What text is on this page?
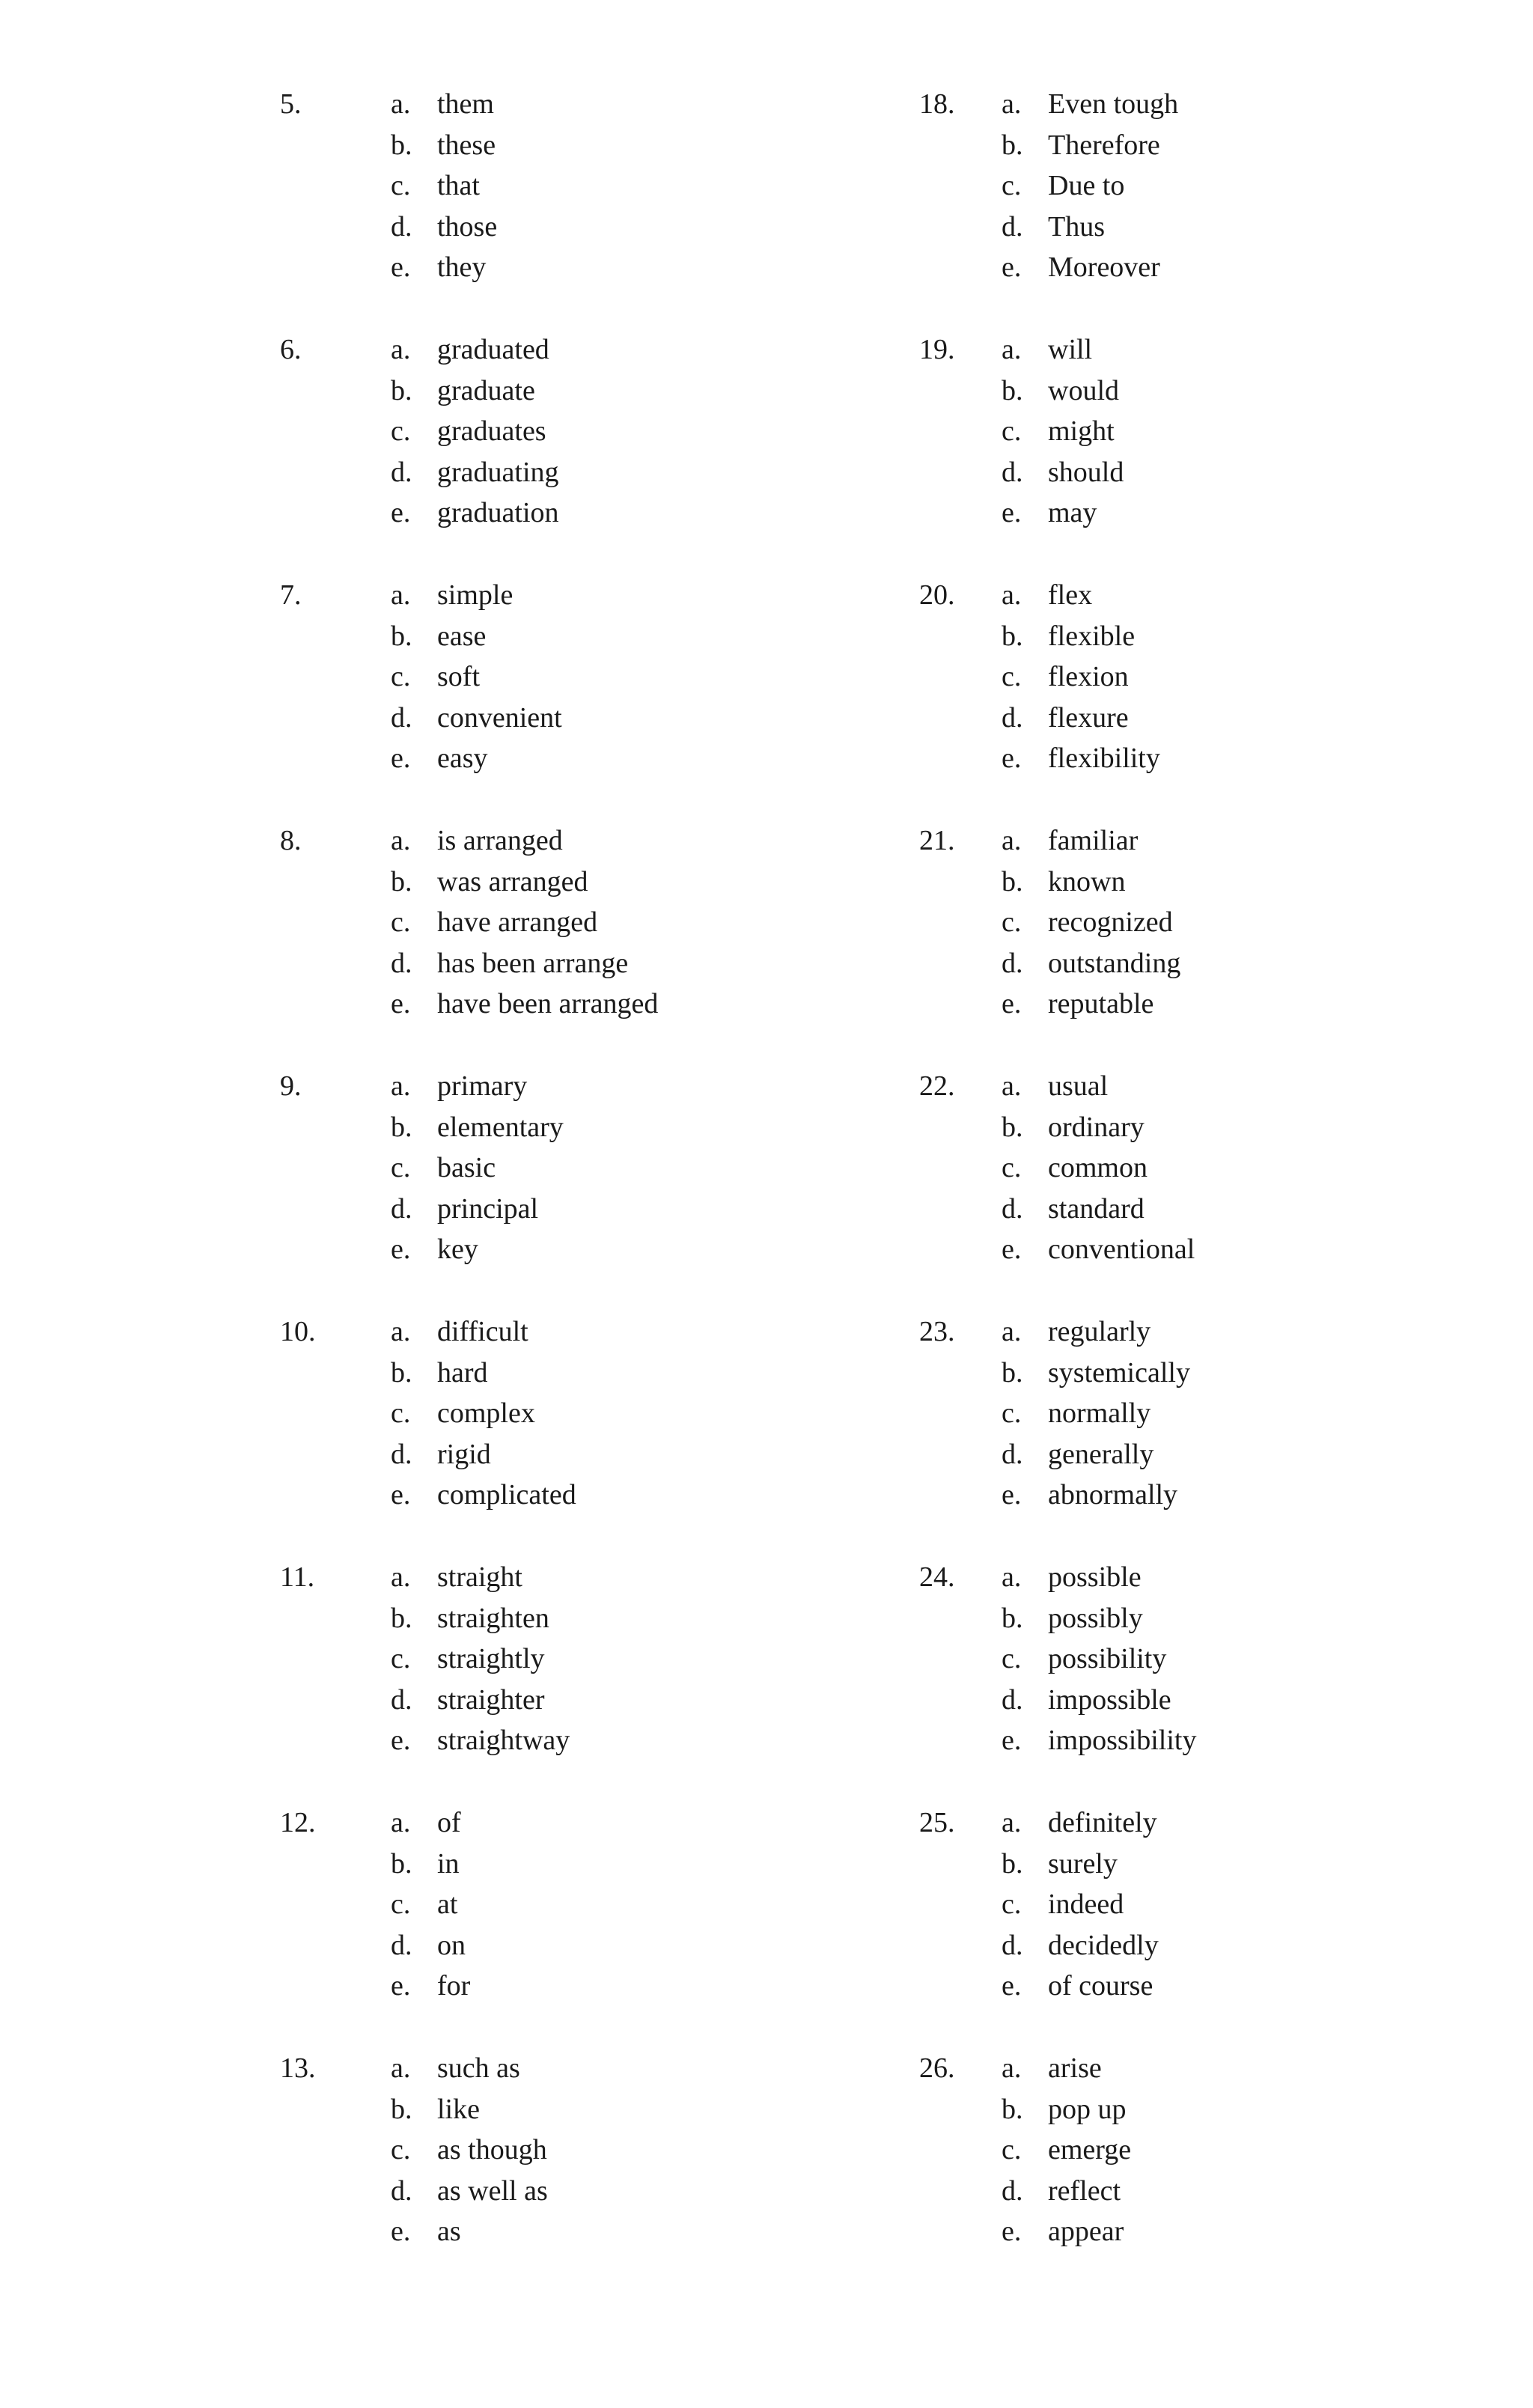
5.	a. them
b. these
c. that
d. those
e. they
6.	a. graduated
b. graduate
c. graduates
d. graduating
e. graduation
7.	a. simple
b. ease
c. soft
d. convenient
e. easy
8.	a. is arranged
b. was arranged
c. have arranged
d. has been arrange
e. have been arranged
9.	a. primary
b. elementary
c. basic
d. principal
e. key
10.	a. difficult
b. hard
c. complex
d. rigid
e. complicated
11.	a. straight
b. straighten
c. straightly
d. straighter
e. straightway
12.	a. of
b. in
c. at
d. on
e. for
13.	a. such as
b. like
c. as though
d. as well as
e. as
18. a. Even tough
b. Therefore
c. Due to
d. Thus
e. Moreover
19. a. will
b. would
c. might
d. should
e. may
20. a. flex
b. flexible
c. flexion
d. flexure
e. flexibility
21. a. familiar
b. known
c. recognized
d. outstanding
e. reputable
22. a. usual
b. ordinary
c. common
d. standard
e. conventional
23. a. regularly
b. systemically
c. normally
d. generally
e. abnormally
24. a. possible
b. possibly
c. possibility
d. impossible
e. impossibility
25. a. definitely
b. surely
c. indeed
d. decidedly
e. of course
26. a. arise
b. pop up
c. emerge
d. reflect
e. appear
